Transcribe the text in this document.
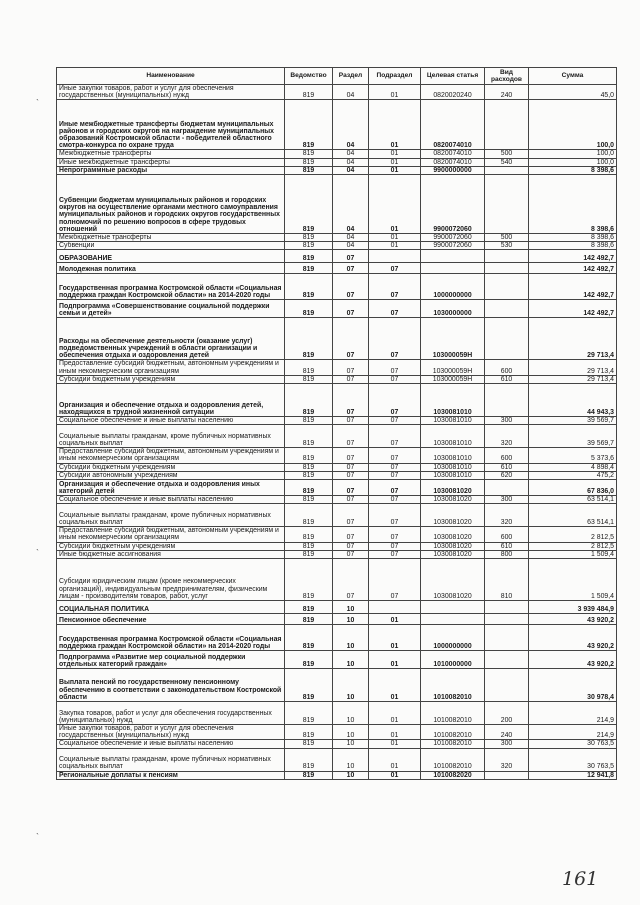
`
`
`
Наименование	Ведомство	Раздел	Подраздел	Целевая статья	Вид расходов	Сумма
Иные закупки товаров, работ и услуг для обеспечения государственных (муниципальных) нужд	819	04	01	0820020240	240	45,0
Иные межбюджетные трансферты бюджетам муниципальных районов и городских округов на награждение муниципальных образований Костромской области - победителей областного смотра-конкурса по охране труда	819	04	01	0820074010		100,0
Межбюджетные трансферты	819	04	01	0820074010	500	100,0
Иные межбюджетные трансферты	819	04	01	0820074010	540	100,0
Непрограммные расходы	819	04	01	9900000000		8 398,6
Субвенции бюджетам муниципальных районов и городских округов на осуществление органами местного самоуправления муниципальных районов и городских округов государственных полномочий по решению вопросов в сфере трудовых отношений	819	04	01	9900072060		8 398,6
Межбюджетные трансферты	819	04	01	9900072060	500	8 398,6
Субвенции	819	04	01	9900072060	530	8 398,6
ОБРАЗОВАНИЕ	819	07				142 492,7
Молодежная политика	819	07	07			142 492,7
Государственная программа Костромской области «Социальная поддержка граждан Костромской области» на 2014-2020 годы	819	07	07	1000000000		142 492,7
Подпрограмма «Совершенствование социальной поддержки семьи и детей»	819	07	07	1030000000		142 492,7
Расходы на обеспечение деятельности (оказание услуг) подведомственных учреждений в области организации и обеспечения отдыха и оздоровления детей	819	07	07	103000059Н		29 713,4
Предоставление субсидий бюджетным, автономным учреждениям и иным некоммерческим организациям	819	07	07	103000059Н	600	29 713,4
Субсидии бюджетным учреждениям	819	07	07	103000059Н	610	29 713,4
Организация и обеспечение отдыха и оздоровления детей, находящихся в трудной жизненной ситуации	819	07	07	1030081010		44 943,3
Социальное обеспечение и иные выплаты населению	819	07	07	1030081010	300	39 569,7
Социальные выплаты гражданам, кроме публичных нормативных социальных выплат	819	07	07	1030081010	320	39 569,7
Предоставление субсидий бюджетным, автономным учреждениям и иным некоммерческим организациям	819	07	07	1030081010	600	5 373,6
Субсидии бюджетным учреждениям	819	07	07	1030081010	610	4 898,4
Субсидии автономным учреждениям	819	07	07	1030081010	620	475,2
Организация и обеспечение отдыха и оздоровления иных категорий детей	819	07	07	1030081020		67 836,0
Социальное обеспечение и иные выплаты населению	819	07	07	1030081020	300	63 514,1
Социальные выплаты гражданам, кроме публичных нормативных социальных выплат	819	07	07	1030081020	320	63 514,1
Предоставление субсидий бюджетным, автономным учреждениям и иным некоммерческим организациям	819	07	07	1030081020	600	2 812,5
Субсидии бюджетным учреждениям	819	07	07	1030081020	610	2 812,5
Иные бюджетные ассигнования	819	07	07	1030081020	800	1 509,4
Субсидии юридическим лицам (кроме некоммерческих организаций), индивидуальным предпринимателям, физическим лицам - производителям товаров, работ, услуг	819	07	07	1030081020	810	1 509,4
СОЦИАЛЬНАЯ ПОЛИТИКА	819	10				3 939 484,9
Пенсионное обеспечение	819	10	01			43 920,2
Государственная программа Костромской области «Социальная поддержка граждан Костромской области» на 2014-2020 годы	819	10	01	1000000000		43 920,2
Подпрограмма «Развитие мер социальной поддержки отдельных категорий граждан»	819	10	01	1010000000		43 920,2
Выплата пенсий по государственному пенсионному обеспечению в соответствии с законодательством Костромской области	819	10	01	1010082010		30 978,4
Закупка товаров, работ и услуг для обеспечения государственных (муниципальных) нужд	819	10	01	1010082010	200	214,9
Иные закупки товаров, работ и услуг для обеспечения государственных (муниципальных) нужд	819	10	01	1010082010	240	214,9
Социальное обеспечение и иные выплаты населению	819	10	01	1010082010	300	30 763,5
Социальные выплаты гражданам, кроме публичных нормативных социальных выплат	819	10	01	1010082010	320	30 763,5
Региональные доплаты к пенсиям	819	10	01	1010082020		12 941,8
161
